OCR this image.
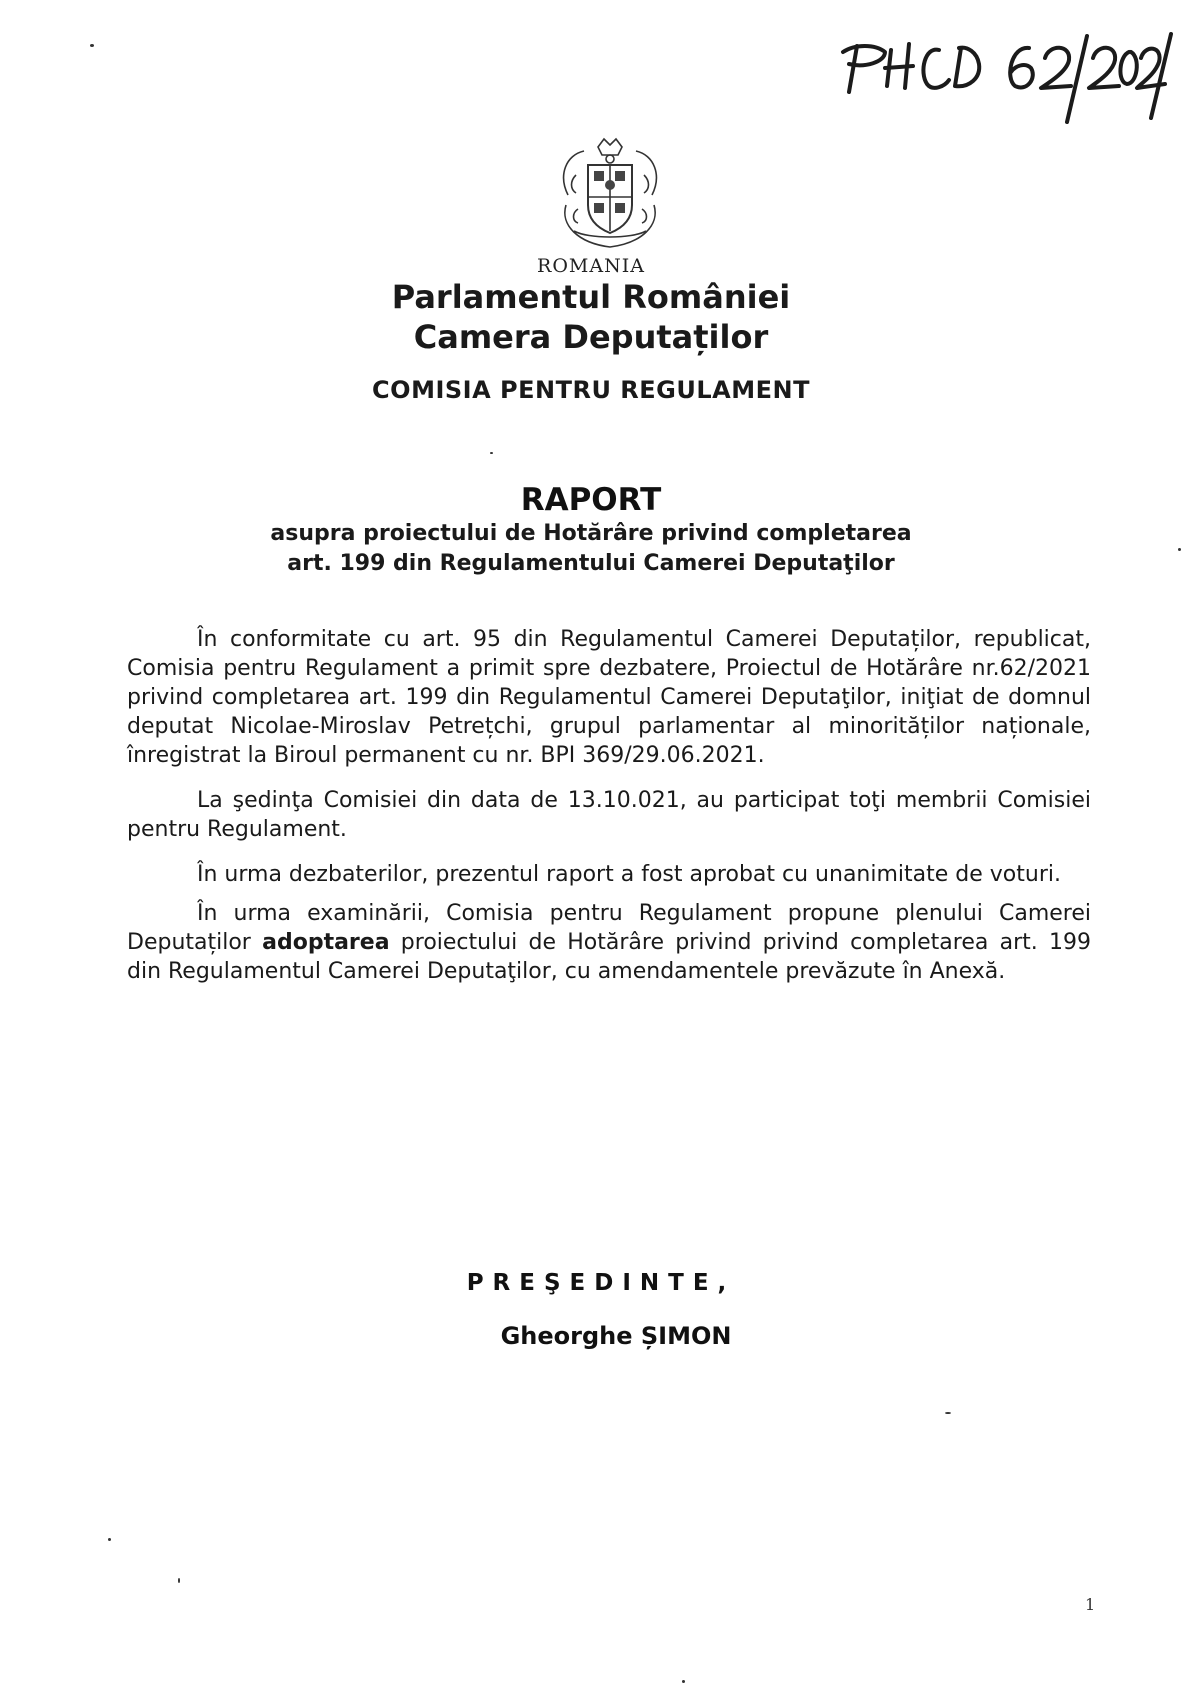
ROMANIA
Parlamentul României
Camera Deputaților
COMISIA PENTRU REGULAMENT
RAPORT
asupra proiectului de Hotărâre privind completarea
art. 199 din Regulamentului Camerei Deputaţilor

În conformitate cu art. 95 din Regulamentul Camerei Deputaților, republicat, Comisia pentru Regulament a primit spre dezbatere, Proiectul de Hotărâre nr.62/2021 privind completarea art. 199 din Regulamentul Camerei Deputaţilor, iniţiat de domnul deputat Nicolae-Miroslav Petrețchi, grupul parlamentar al minorităților naționale, înregistrat la Biroul permanent cu nr. BPI 369/29.06.2021.

La şedinţa Comisiei din data de 13.10.021, au participat toţi membrii Comisiei pentru Regulament.

În urma dezbaterilor, prezentul raport a fost aprobat cu unanimitate de voturi.

În urma examinării, Comisia pentru Regulament propune plenului Camerei Deputaților adoptarea proiectului de Hotărâre privind privind completarea art. 199 din Regulamentul Camerei Deputaţilor, cu amendamentele prevăzute în Anexă.

PREŞEDINTE,
Gheorghe ȘIMON
1
